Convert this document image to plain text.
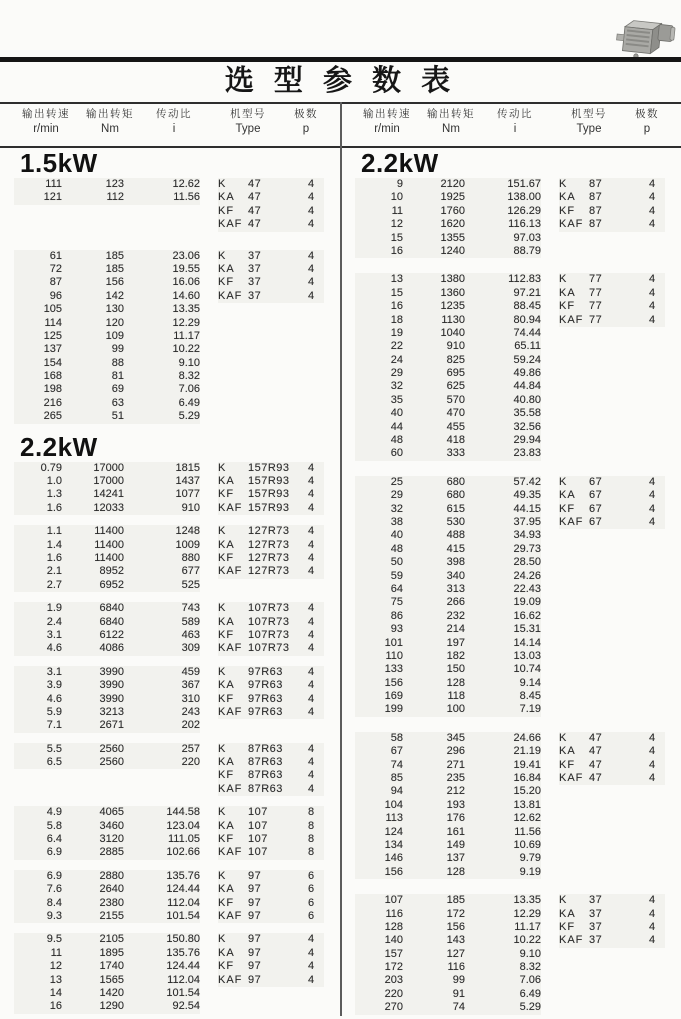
选 型 参 数 表
输出转速
r/min
输出转矩
Nm
传动比
i
机型号
Type
极数
p
输出转速
r/min
输出转矩
Nm
传动比
i
机型号
Type
极数
p
1.5kW
111	123	12.62 K	47	4
121	112	11.56 KA	47	4
KF	47	4
KAF 47	4
61	185	23.06 K	37	4
72	185	19.55 KA	37	4
87	156	16.06 KF	37	4
96	142	14.60 KAF 37	4
105	130	13.35
114	120	12.29
125	109	11.17
137	99	10.22
154	88	9.10
168	81	8.32
198	69	7.06
216	63	6.49
265	51	5.29
2.2kW
0.79	17000	1815 K	157R93	4
1.0	17000	1437 KA	157R93	4
1.3	14241	1077 KF	157R93	4
1.6	12033	910 KAF 157R93	4
1.1	11400	1248 K	127R73	4
1.4	11400	1009 KA	127R73	4
1.6	11400	880 KF	127R73	4
2.1	8952	677 KAF 127R73	4
2.7	6952	525
1.9	6840	743 K	107R73	4
2.4	6840	589 KA	107R73	4
3.1	6122	463 KF	107R73	4
4.6	4086	309 KAF 107R73	4
3.1	3990	459 K	97R63	4
3.9	3990	367 KA	97R63	4
4.6	3990	310 KF	97R63	4
5.9	3213	243 KAF 97R63	4
7.1	2671	202
5.5	2560	257 K	87R63	4
6.5	2560	220 KA	87R63	4
KF	87R63	4
KAF 87R63	4
4.9	4065	144.58 K	107	8
5.8	3460	123.04 KA	107	8
6.4	3120	111.05 KF	107	8
6.9	2885	102.66 KAF 107	8
6.9	2880	135.76 K	97	6
7.6	2640	124.44 KA	97	6
8.4	2380	112.04 KF	97	6
9.3	2155	101.54 KAF 97	6
9.5	2105	150.80 K	97	4
11	1895	135.76 KA	97	4
12	1740	124.44 KF	97	4
13	1565	112.04 KAF 97	4
14	1420	101.54
16	1290	92.54
2.2kW
9	2120	151.67 K	87	4
10	1925	138.00 KA	87	4
11	1760	126.29 KF	87	4
12	1620	116.13 KAF 87	4
15	1355	97.03
16	1240	88.79
13	1380	112.83 K	77	4
15	1360	97.21 KA	77	4
16	1235	88.45 KF	77	4
18	1130	80.94 KAF 77	4
19	1040	74.44
22	910	65.11
24	825	59.24
29	695	49.86
32	625	44.84
35	570	40.80
40	470	35.58
44	455	32.56
48	418	29.94
60	333	23.83
25	680	57.42 K	67	4
29	680	49.35 KA	67	4
32	615	44.15 KF	67	4
38	530	37.95 KAF 67	4
40	488	34.93
48	415	29.73
50	398	28.50
59	340	24.26
64	313	22.43
75	266	19.09
86	232	16.62
93	214	15.31
101	197	14.14
110	182	13.03
133	150	10.74
156	128	9.14
169	118	8.45
199	100	7.19
58	345	24.66 K	47	4
67	296	21.19 KA	47	4
74	271	19.41 KF	47	4
85	235	16.84 KAF 47	4
94	212	15.20
104	193	13.81
113	176	12.62
124	161	11.56
134	149	10.69
146	137	9.79
156	128	9.19
107	185	13.35 K	37	4
116	172	12.29 KA	37	4
128	156	11.17 KF	37	4
140	143	10.22 KAF 37	4
157	127	9.10
172	116	8.32
203	99	7.06
220	91	6.49
270	74	5.29
